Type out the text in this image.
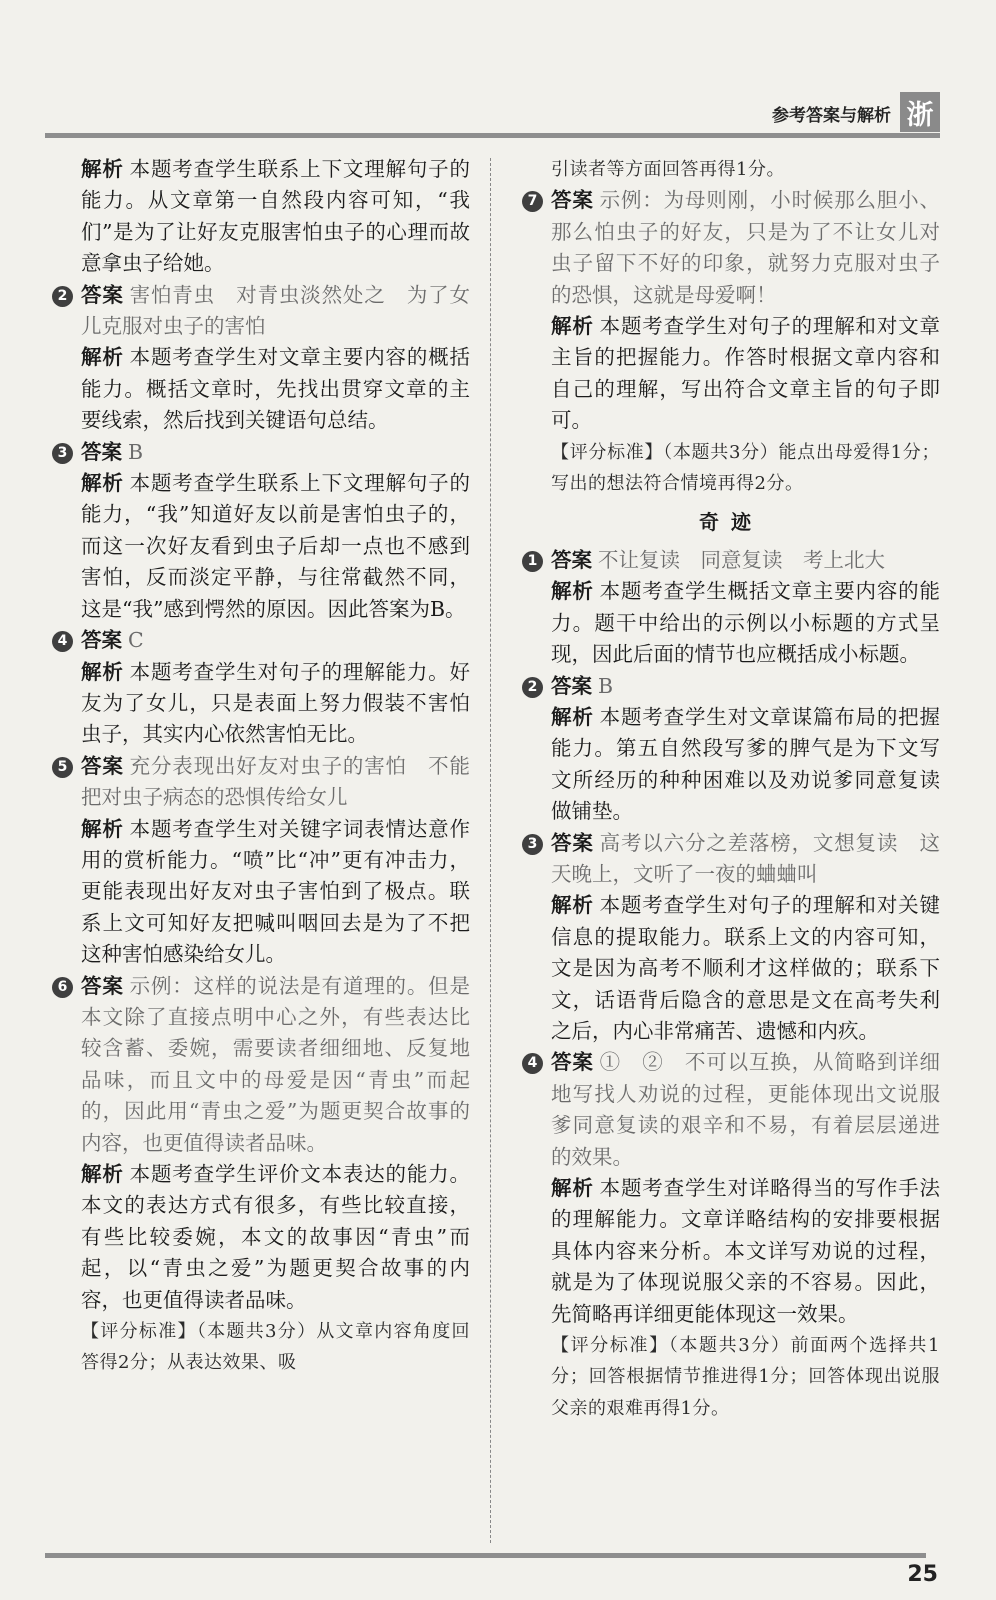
参考答案与解析 浙
解析 本题考查学生联系上下文理解句子的能力。从文章第一自然段内容可知，“我们”是为了让好友克服害怕虫子的心理而故意拿虫子给她。
2 答案 害怕青虫　对青虫淡然处之　为了女儿克服对虫子的害怕
解析 本题考查学生对文章主要内容的概括能力。概括文章时，先找出贯穿文章的主要线索，然后找到关键语句总结。
3 答案 B
解析 本题考查学生联系上下文理解句子的能力，“我”知道好友以前是害怕虫子的，而这一次好友看到虫子后却一点也不感到害怕，反而淡定平静，与往常截然不同，这是“我”感到愕然的原因。因此答案为B。
4 答案 C
解析 本题考查学生对句子的理解能力。好友为了女儿，只是表面上努力假装不害怕虫子，其实内心依然害怕无比。
5 答案 充分表现出好友对虫子的害怕　不能把对虫子病态的恐惧传给女儿
解析 本题考查学生对关键字词表情达意作用的赏析能力。“喷”比“冲”更有冲击力，更能表现出好友对虫子害怕到了极点。联系上文可知好友把喊叫咽回去是为了不把这种害怕感染给女儿。
6 答案 示例：这样的说法是有道理的。但是本文除了直接点明中心之外，有些表达比较含蓄、委婉，需要读者细细地、反复地品味，而且文中的母爱是因“青虫”而起的，因此用“青虫之爱”为题更契合故事的内容，也更值得读者品味。
解析 本题考查学生评价文本表达的能力。本文的表达方式有很多，有些比较直接，有些比较委婉，本文的故事因“青虫”而起，以“青虫之爱”为题更契合故事的内容，也更值得读者品味。
【评分标准】（本题共3分）从文章内容角度回答得2分；从表达效果、吸
引读者等方面回答再得1分。
7 答案 示例：为母则刚，小时候那么胆小、那么怕虫子的好友，只是为了不让女儿对虫子留下不好的印象，就努力克服对虫子的恐惧，这就是母爱啊！
解析 本题考查学生对句子的理解和对文章主旨的把握能力。作答时根据文章内容和自己的理解，写出符合文章主旨的句子即可。
【评分标准】（本题共3分）能点出母爱得1分；写出的想法符合情境再得2分。
奇迹
1 答案 不让复读　同意复读　考上北大
解析 本题考查学生概括文章主要内容的能力。题干中给出的示例以小标题的方式呈现，因此后面的情节也应概括成小标题。
2 答案 B
解析 本题考查学生对文章谋篇布局的把握能力。第五自然段写爹的脾气是为下文写文所经历的种种困难以及劝说爹同意复读做铺垫。
3 答案 高考以六分之差落榜，文想复读　这天晚上，文听了一夜的蛐蛐叫
解析 本题考查学生对句子的理解和对关键信息的提取能力。联系上文的内容可知，文是因为高考不顺利才这样做的；联系下文，话语背后隐含的意思是文在高考失利之后，内心非常痛苦、遗憾和内疚。
4 答案 ①　②　不可以互换，从简略到详细地写找人劝说的过程，更能体现出文说服爹同意复读的艰辛和不易，有着层层递进的效果。
解析 本题考查学生对详略得当的写作手法的理解能力。文章详略结构的安排要根据具体内容来分析。本文详写劝说的过程，就是为了体现说服父亲的不容易。因此，先简略再详细更能体现这一效果。
【评分标准】（本题共3分）前面两个选择共1分；回答根据情节推进得1分；回答体现出说服父亲的艰难再得1分。
25
